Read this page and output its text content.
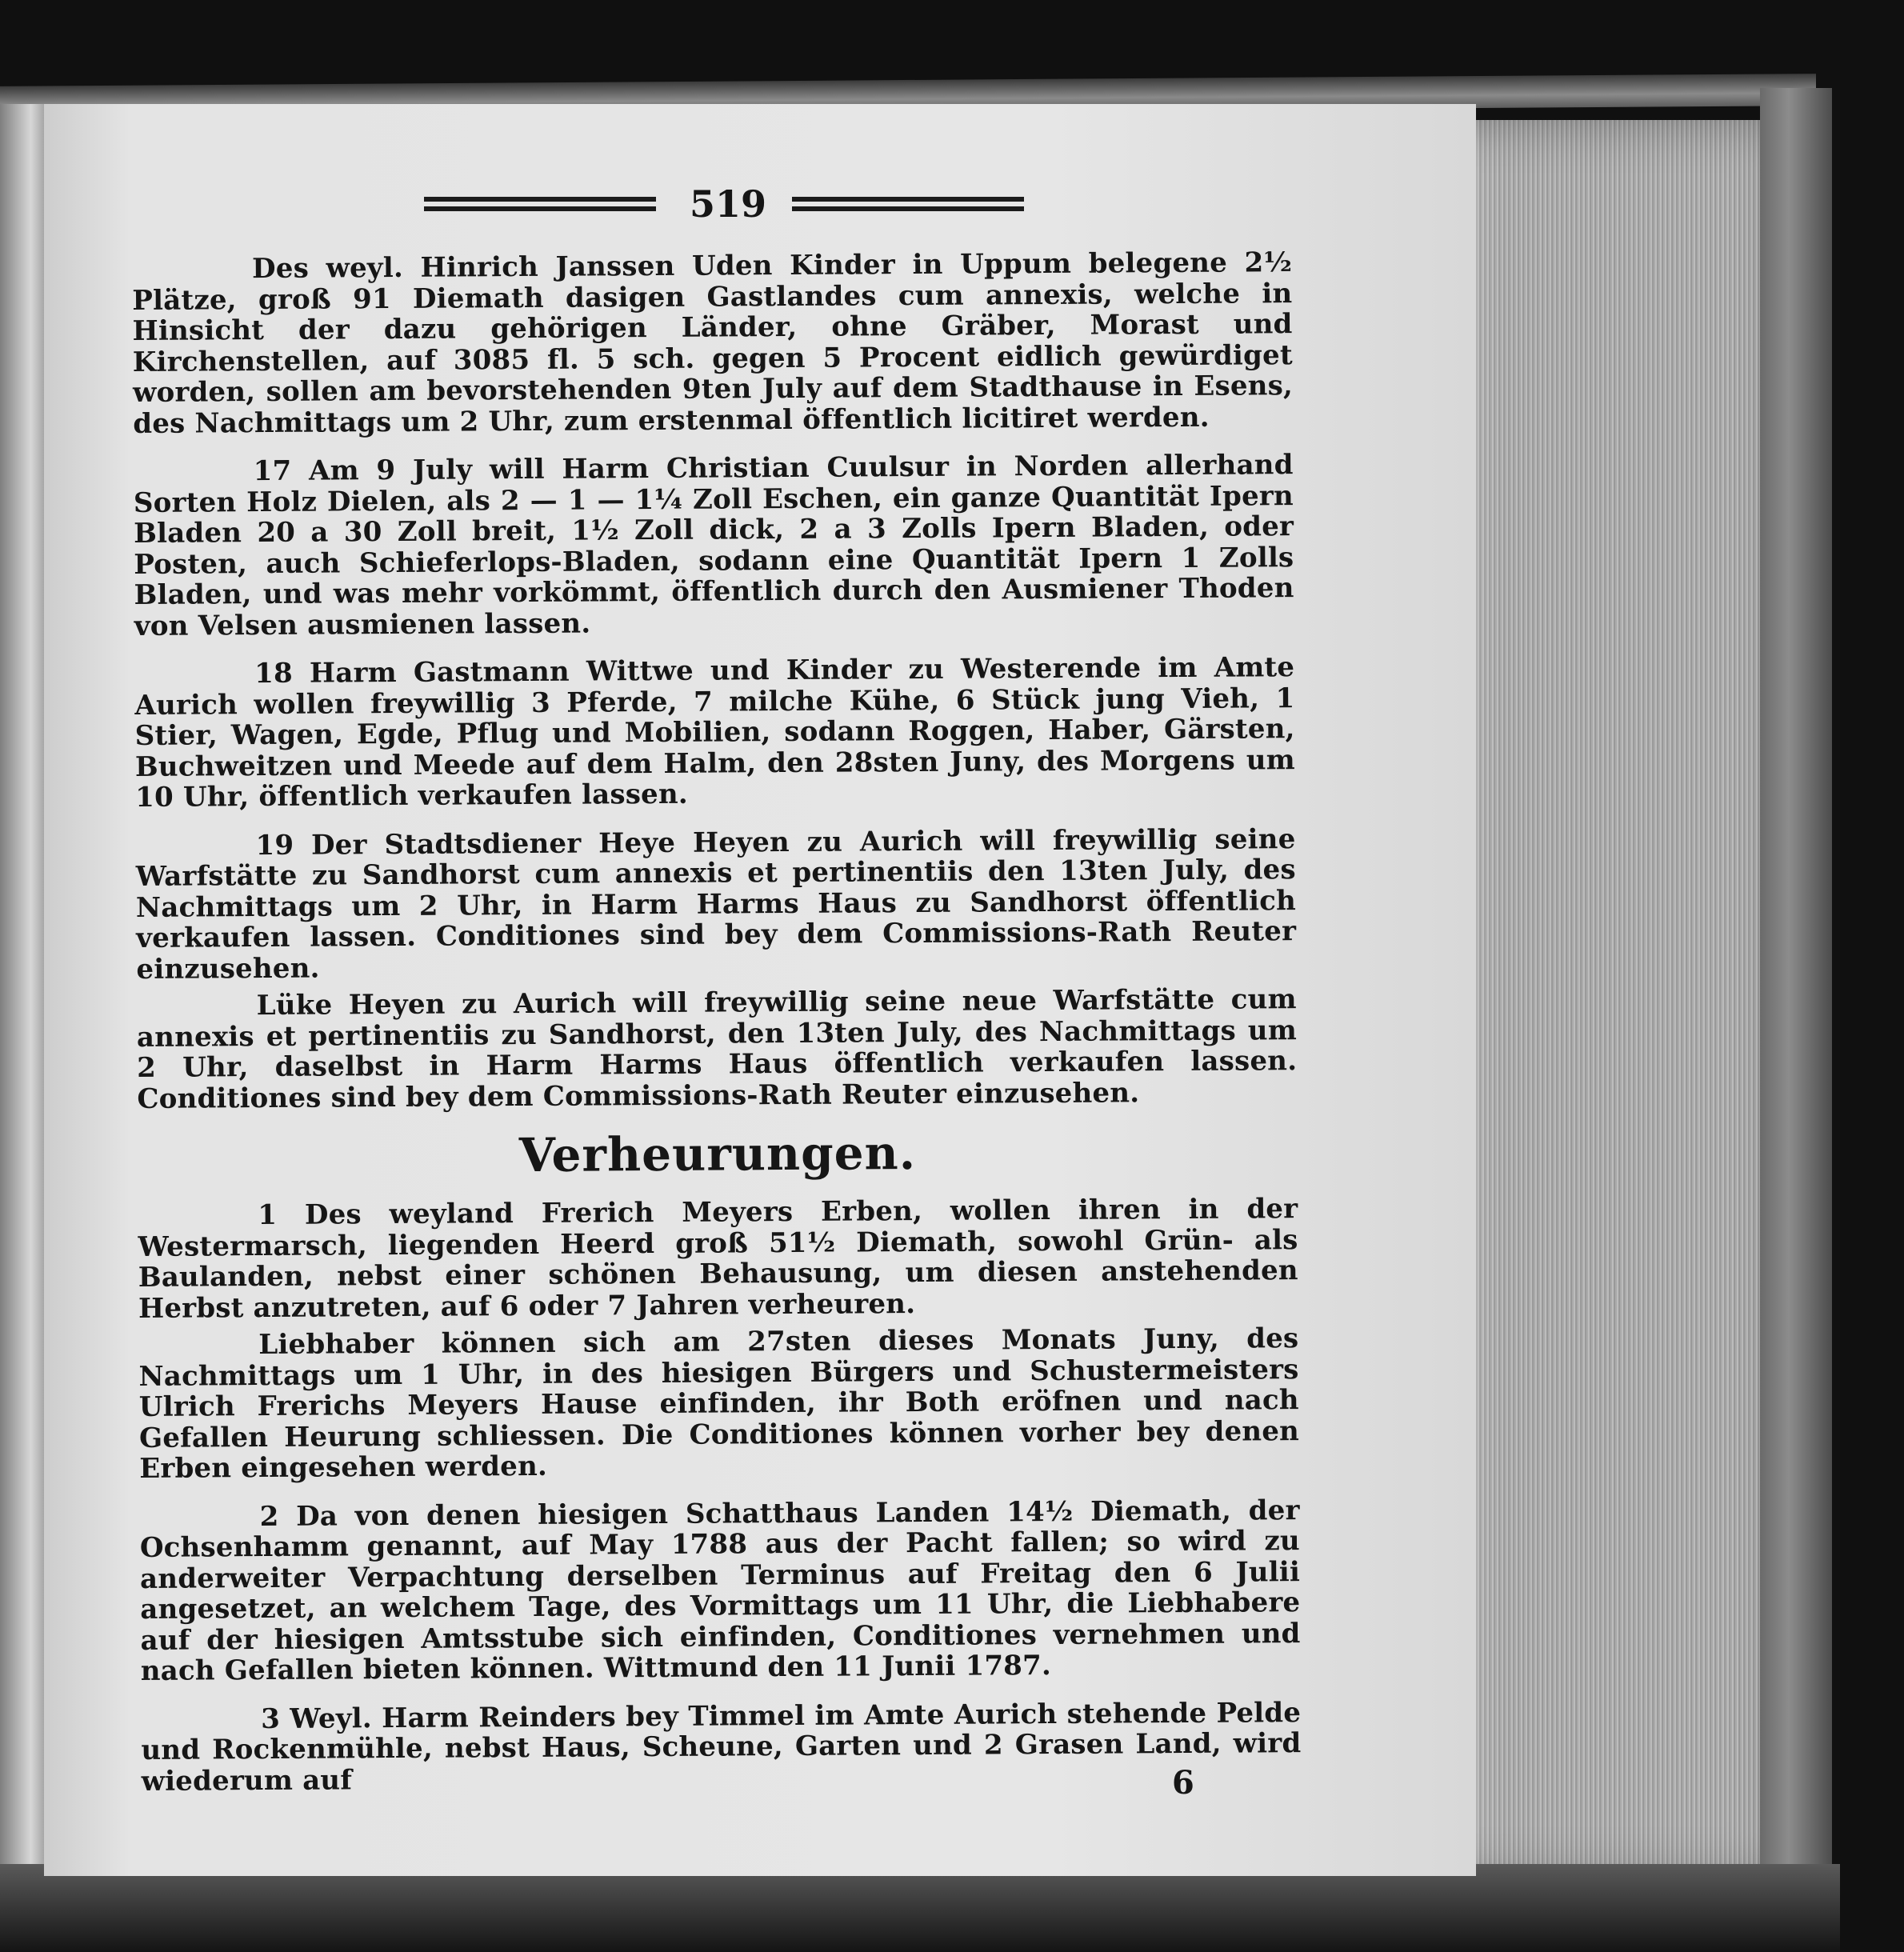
519

Des weyl. Hinrich Janssen Uden Kinder in Uppum belegene 2½ Plätze, groß 91 Diemath dasigen Gastlandes cum annexis, welche in Hinsicht der dazu gehörigen Länder, ohne Gräber, Morast und Kirchenstellen, auf 3085 fl. 5 sch. gegen 5 Procent eidlich gewürdiget worden, sollen am bevorstehenden 9ten July auf dem Stadthause in Esens, des Nachmittags um 2 Uhr, zum erstenmal öffentlich licitiret werden.

17 Am 9 July will Harm Christian Cuulsur in Norden allerhand Sorten Holz Dielen, als 2 — 1 — 1¼ Zoll Eschen, ein ganze Quantität Ipern Bladen 20 a 30 Zoll breit, 1½ Zoll dick, 2 a 3 Zolls Ipern Bladen, oder Posten, auch Schieferlops-Bladen, sodann eine Quantität Ipern 1 Zolls Bladen, und was mehr vorkömmt, öffentlich durch den Ausmiener Thoden von Velsen ausmienen lassen.

18 Harm Gastmann Wittwe und Kinder zu Westerende im Amte Aurich wollen freywillig 3 Pferde, 7 milche Kühe, 6 Stück jung Vieh, 1 Stier, Wagen, Egde, Pflug und Mobilien, sodann Roggen, Haber, Gärsten, Buchweitzen und Meede auf dem Halm, den 28sten Juny, des Morgens um 10 Uhr, öffentlich verkaufen lassen.

19 Der Stadtsdiener Heye Heyen zu Aurich will freywillig seine Warfstätte zu Sandhorst cum annexis et pertinentiis den 13ten July, des Nachmittags um 2 Uhr, in Harm Harms Haus zu Sandhorst öffentlich verkaufen lassen. Conditiones sind bey dem Commissions-Rath Reuter einzusehen.

Lüke Heyen zu Aurich will freywillig seine neue Warfstätte cum annexis et pertinentiis zu Sandhorst, den 13ten July, des Nachmittags um 2 Uhr, daselbst in Harm Harms Haus öffentlich verkaufen lassen. Conditiones sind bey dem Commissions-Rath Reuter einzusehen.

Verheurungen.

1 Des weyland Frerich Meyers Erben, wollen ihren in der Westermarsch, liegenden Heerd groß 51½ Diemath, sowohl Grün- als Baulanden, nebst einer schönen Behausung, um diesen anstehenden Herbst anzutreten, auf 6 oder 7 Jahren verheuren.

Liebhaber können sich am 27sten dieses Monats Juny, des Nachmittags um 1 Uhr, in des hiesigen Bürgers und Schustermeisters Ulrich Frerichs Meyers Hause einfinden, ihr Both eröfnen und nach Gefallen Heurung schliessen. Die Conditiones können vorher bey denen Erben eingesehen werden.

2 Da von denen hiesigen Schatthaus Landen 14½ Diemath, der Ochsenhamm genannt, auf May 1788 aus der Pacht fallen; so wird zu anderweiter Verpachtung derselben Terminus auf Freitag den 6 Julii angesetzet, an welchem Tage, des Vormittags um 11 Uhr, die Liebhabere auf der hiesigen Amtsstube sich einfinden, Conditiones vernehmen und nach Gefallen bieten können. Wittmund den 11 Junii 1787.

3 Weyl. Harm Reinders bey Timmel im Amte Aurich stehende Pelde und Rockenmühle, nebst Haus, Scheune, Garten und 2 Grasen Land, wird wiederum auf	6
